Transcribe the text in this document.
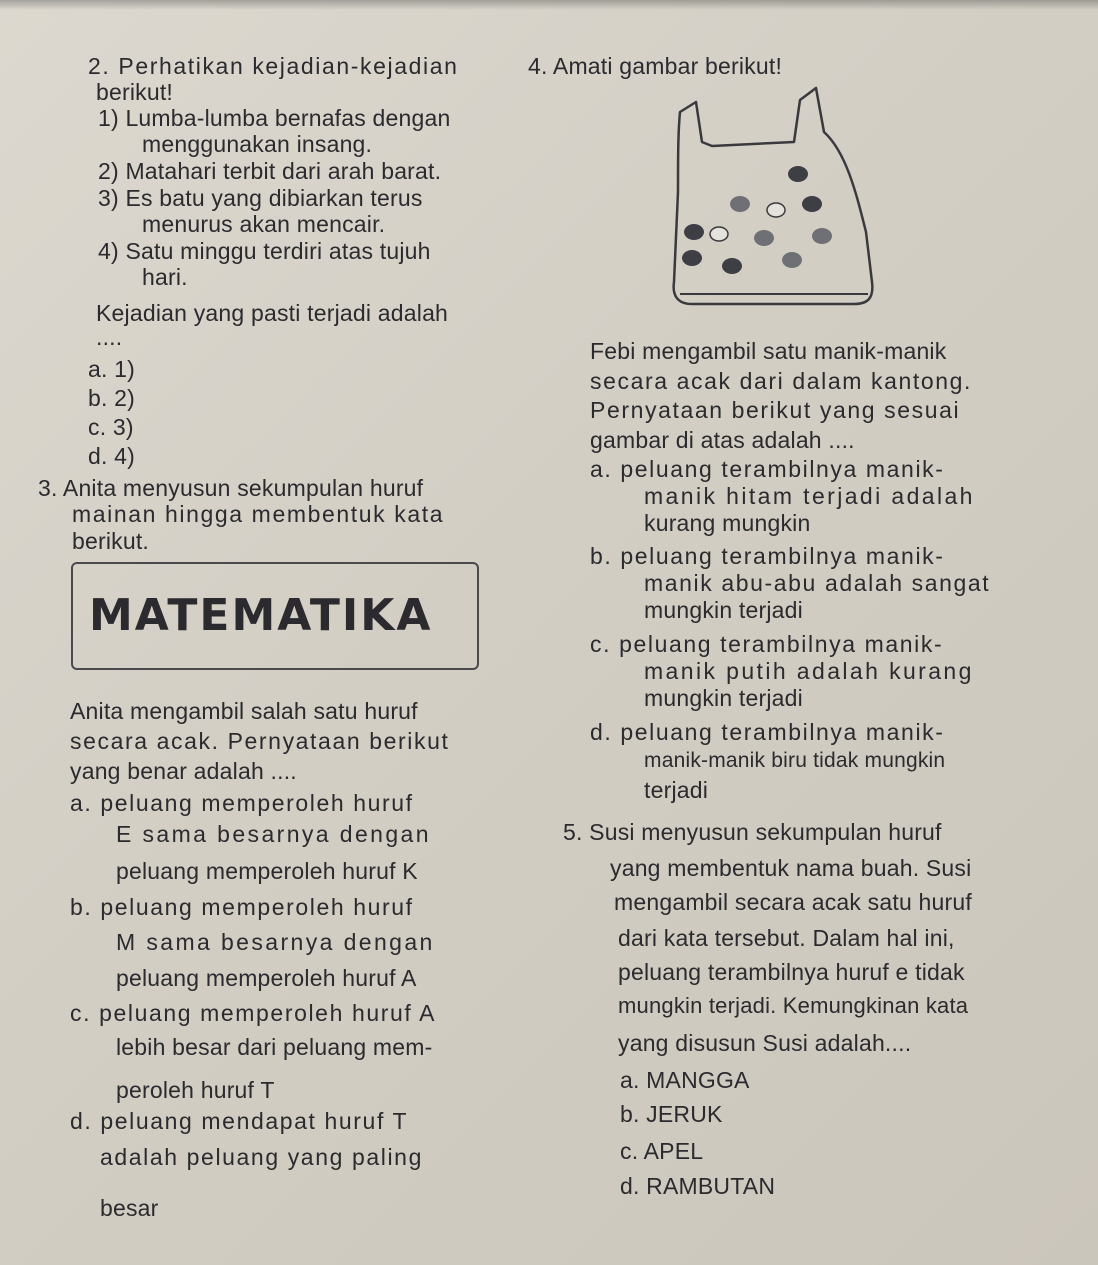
2. Perhatikan kejadian-kejadian
berikut!
1) Lumba-lumba bernafas dengan
menggunakan insang.
2) Matahari terbit dari arah barat.
3) Es batu yang dibiarkan terus
menurus akan mencair.
4) Satu minggu terdiri atas tujuh
hari.
Kejadian yang pasti terjadi adalah
....
a. 1)
b. 2)
c. 3)
d. 4)
3. Anita menyusun sekumpulan huruf
mainan hingga membentuk kata
berikut.
MATEMATIKA
Anita mengambil salah satu huruf
secara acak. Pernyataan berikut
yang benar adalah ....
a. peluang memperoleh huruf
E sama besarnya dengan
peluang memperoleh huruf K
b. peluang memperoleh huruf
M sama besarnya dengan
peluang memperoleh huruf A
c. peluang memperoleh huruf A
lebih besar dari peluang mem-
peroleh huruf T
d. peluang mendapat huruf T
adalah peluang yang paling
besar
4. Amati gambar berikut!
Febi mengambil satu manik-manik
secara acak dari dalam kantong.
Pernyataan berikut yang sesuai
gambar di atas adalah ....
a. peluang terambilnya manik-
manik hitam terjadi adalah
kurang mungkin
b. peluang terambilnya manik-
manik abu-abu adalah sangat
mungkin terjadi
c. peluang terambilnya manik-
manik putih adalah kurang
mungkin terjadi
d. peluang terambilnya manik-
manik-manik biru tidak mungkin
terjadi
5. Susi menyusun sekumpulan huruf
yang membentuk nama buah. Susi
mengambil secara acak satu huruf
dari kata tersebut. Dalam hal ini,
peluang terambilnya huruf e tidak
mungkin terjadi. Kemungkinan kata
yang disusun Susi adalah....
a. MANGGA
b. JERUK
c. APEL
d. RAMBUTAN
